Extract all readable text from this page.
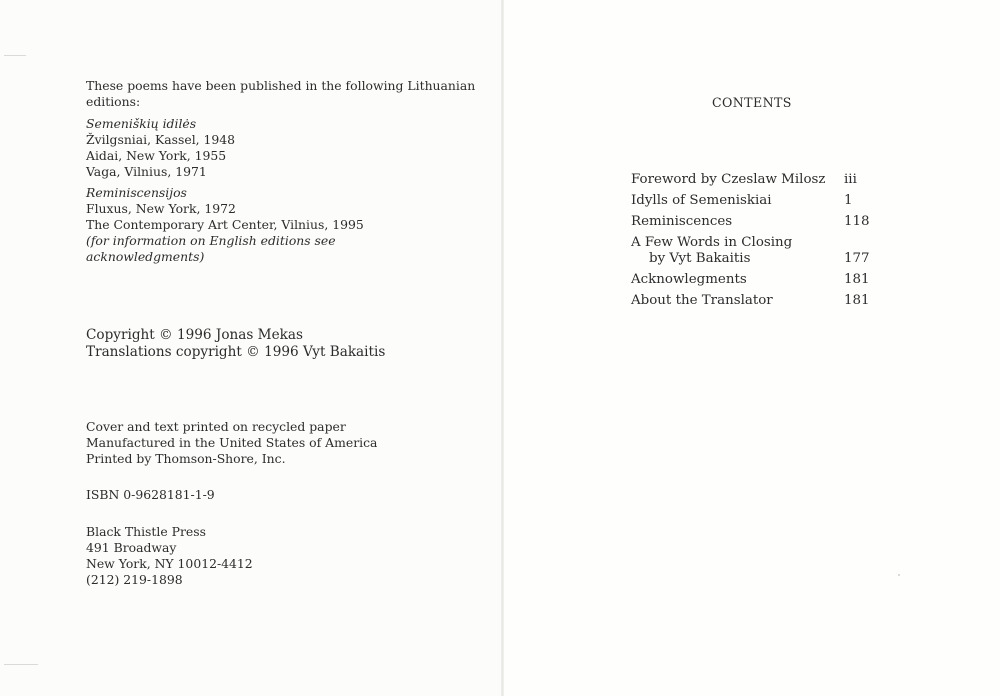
These poems have been published in the following Lithuanian
editions:
Semeniškių idilės
Žvilgsniai, Kassel, 1948
Aidai, New York, 1955
Vaga, Vilnius, 1971
Reminiscensijos
Fluxus, New York, 1972
The Contemporary Art Center, Vilnius, 1995
(for information on English editions see
acknowledgments)
Copyright © 1996 Jonas Mekas
Translations copyright © 1996 Vyt Bakaitis
Cover and text printed on recycled paper
Manufactured in the United States of America
Printed by Thomson-Shore, Inc.
ISBN 0-9628181-1-9
Black Thistle Press
491 Broadway
New York, NY 10012-4412
(212) 219-1898
CONTENTS
Foreword by Czeslaw Milosz iii
Idylls of Semeniskiai	1
Reminiscences	118
A Few Words in Closing
by Vyt Bakaitis	177
Acknowlegments	181
About the Translator	181
